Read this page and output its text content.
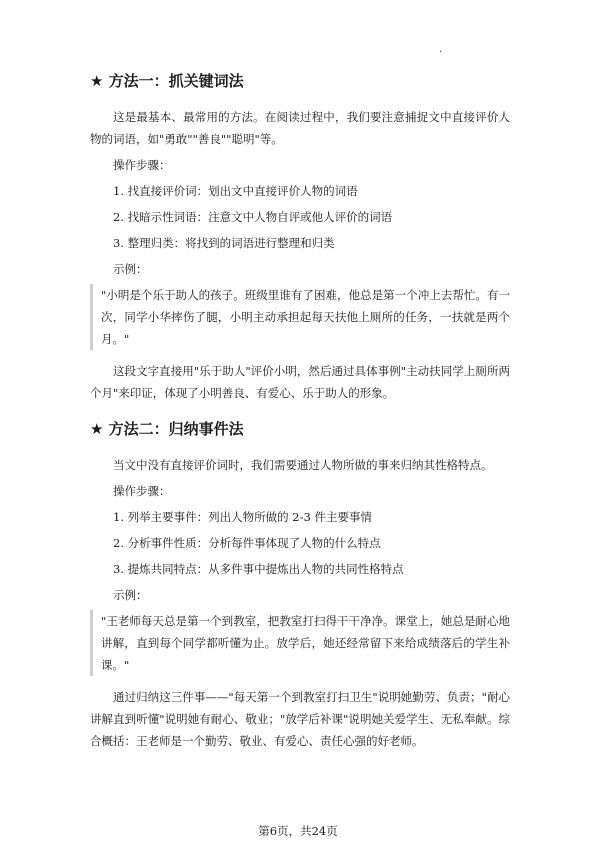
.
★ 方法一：抓关键词法

这是最基本、最常用的方法。在阅读过程中，我们要注意捕捉文中直接评价人物的词语，如"勇敢""善良""聪明"等。

操作步骤：

1. 找直接评价词：划出文中直接评价人物的词语

2. 找暗示性词语：注意文中人物自评或他人评价的词语

3. 整理归类：将找到的词语进行整理和归类

示例：

"小明是个乐于助人的孩子。班级里谁有了困难，他总是第一个冲上去帮忙。有一次，同学小华摔伤了腿，小明主动承担起每天扶他上厕所的任务，一扶就是两个月。"

这段文字直接用"乐于助人"评价小明，然后通过具体事例"主动扶同学上厕所两个月"来印证，体现了小明善良、有爱心、乐于助人的形象。

★ 方法二：归纳事件法

当文中没有直接评价词时，我们需要通过人物所做的事来归纳其性格特点。

操作步骤：

1. 列举主要事件：列出人物所做的 2-3 件主要事情

2. 分析事件性质：分析每件事体现了人物的什么特点

3. 提炼共同特点：从多件事中提炼出人物的共同性格特点

示例：

"王老师每天总是第一个到教室，把教室打扫得干干净净。课堂上，她总是耐心地讲解，直到每个同学都听懂为止。放学后，她还经常留下来给成绩落后的学生补课。"

通过归纳这三件事——"每天第一个到教室打扫卫生"说明她勤劳、负责；"耐心讲解直到听懂"说明她有耐心、敬业；"放学后补课"说明她关爱学生、无私奉献。综合概括：王老师是一个勤劳、敬业、有爱心、责任心强的好老师。

第6页，共24页
